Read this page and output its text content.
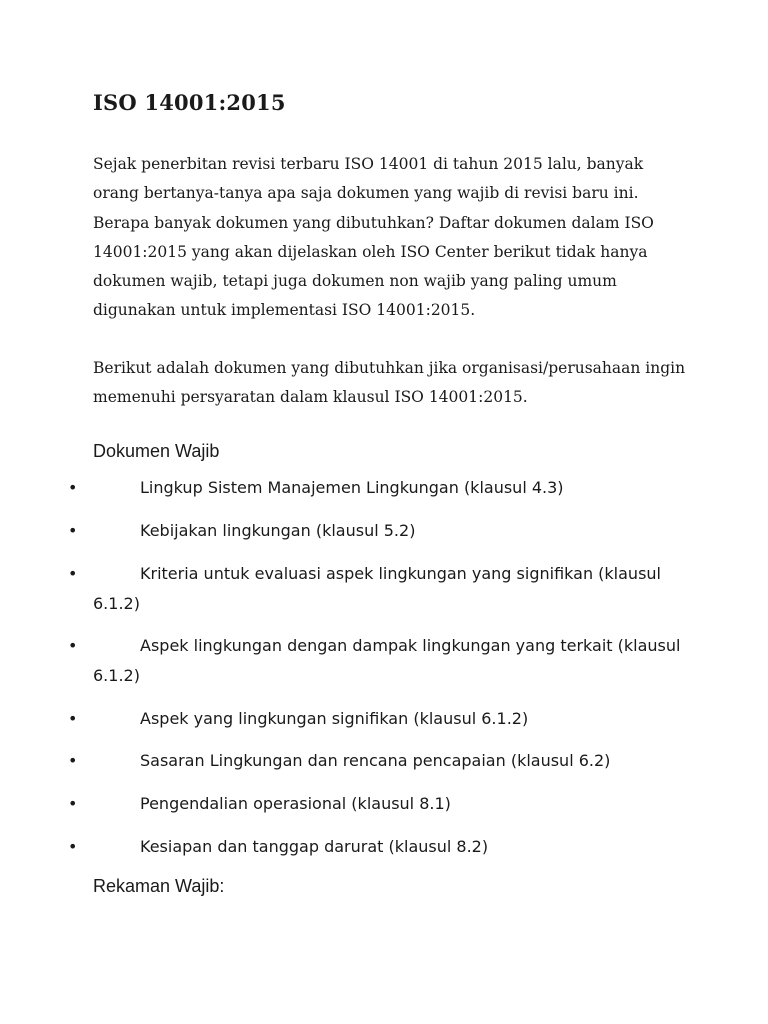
ISO 14001:2015

Sejak penerbitan revisi terbaru ISO 14001 di tahun 2015 lalu, banyak orang bertanya-tanya apa saja dokumen yang wajib di revisi baru ini. Berapa banyak dokumen yang dibutuhkan? Daftar dokumen dalam ISO 14001:2015 yang akan dijelaskan oleh ISO Center berikut tidak hanya dokumen wajib, tetapi juga dokumen non wajib yang paling umum digunakan untuk implementasi ISO 14001:2015.

Berikut adalah dokumen yang dibutuhkan jika organisasi/perusahaan ingin memenuhi persyaratan dalam klausul ISO 14001:2015.

Dokumen Wajib
•	Lingkup Sistem Manajemen Lingkungan (klausul 4.3)
•	Kebijakan lingkungan (klausul 5.2)
•	Kriteria untuk evaluasi aspek lingkungan yang signifikan (klausul 6.1.2)
•	Aspek lingkungan dengan dampak lingkungan yang terkait (klausul 6.1.2)
•	Aspek yang lingkungan signifikan (klausul 6.1.2)
•	Sasaran Lingkungan dan rencana pencapaian (klausul 6.2)
•	Pengendalian operasional (klausul 8.1)
•	Kesiapan dan tanggap darurat (klausul 8.2)
Rekaman Wajib:
